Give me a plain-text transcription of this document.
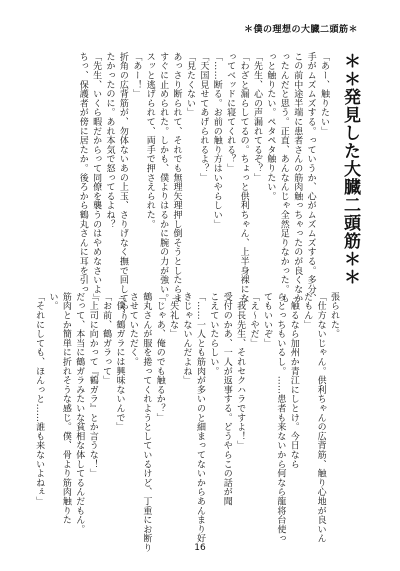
＊僕の理想の大臓二頭筋＊
＊＊発見した大臓二頭筋＊＊

「あー、触りたい」

手がムズムズする。っていうか、心がムズムズする。多分、

この前中途半端に患者さんの筋肉触っちゃったのが良くなか

ったんだと思う。正直、あんなんじゃ全然足りなかった。も

っと触りたい。ペタペタ触りたい。

「先生、心の声漏れてるぞ？」

「わざと漏らしてるの。ちょっと供利ちゃん、上半身裸にな

ってベッドに寝てくれる？」

「……断る。お前の触り方はいやらしい」

「天国見せてあげられるよ？」

「見たくない」

あっさり断られて、それでも無理矢理押し倒そうとしたらま

すぐに止められた。しかも、僕よりはるかに腕の力が強い。

スッと逃げられて、両手で押さえられた。

「あー！」

折角の広背筋が、勿体ないあの上玉、さりげなく撫で回してやり

たかったのに。あれ本気で怒ってるよね？

「先生、いくら暇だからって同僚を襲うのはやめなさいよ」

ちっ、保護者が傍に居たか。後ろから鶴丸さんに耳を引っ

張られた。

「仕方ないじゃん。供利ちゃんの広背筋、触り心地が良いん

だもん」

「触るなら加州か青江にしとけ。今日なら

らとっちもいるし。……患者も来ないから何なら龍将台使っ

てもいいぞ」

「え～やだ」

「我長先生、それセクハラですよ！」

受付のかあ、一人が返事する。どうやらこの話が聞

こえていたらしい。

「……一人とも筋肉が多いのと細まってないからあんまり好

きじゃないんだよね」

「失礼な」

「じゃあ、俺のでも触るか？」

鶴丸さんが服を捲ってくれようとしているけど、丁重にお断り

させていただく。

「僕、鶴ガラには興味ないんで」

「お前、鶴ガラって」

「上司に向かって『鶴ガラ』とか言うな！」

だって、本当に鶴ガラみたいな貧相な体してるんだもん。

筋肉とか簡単に折れそうな感じ。僕、骨より筋肉触りた

い。

「それにしても、ほんっと……誰も来ないよねぇ」

16
